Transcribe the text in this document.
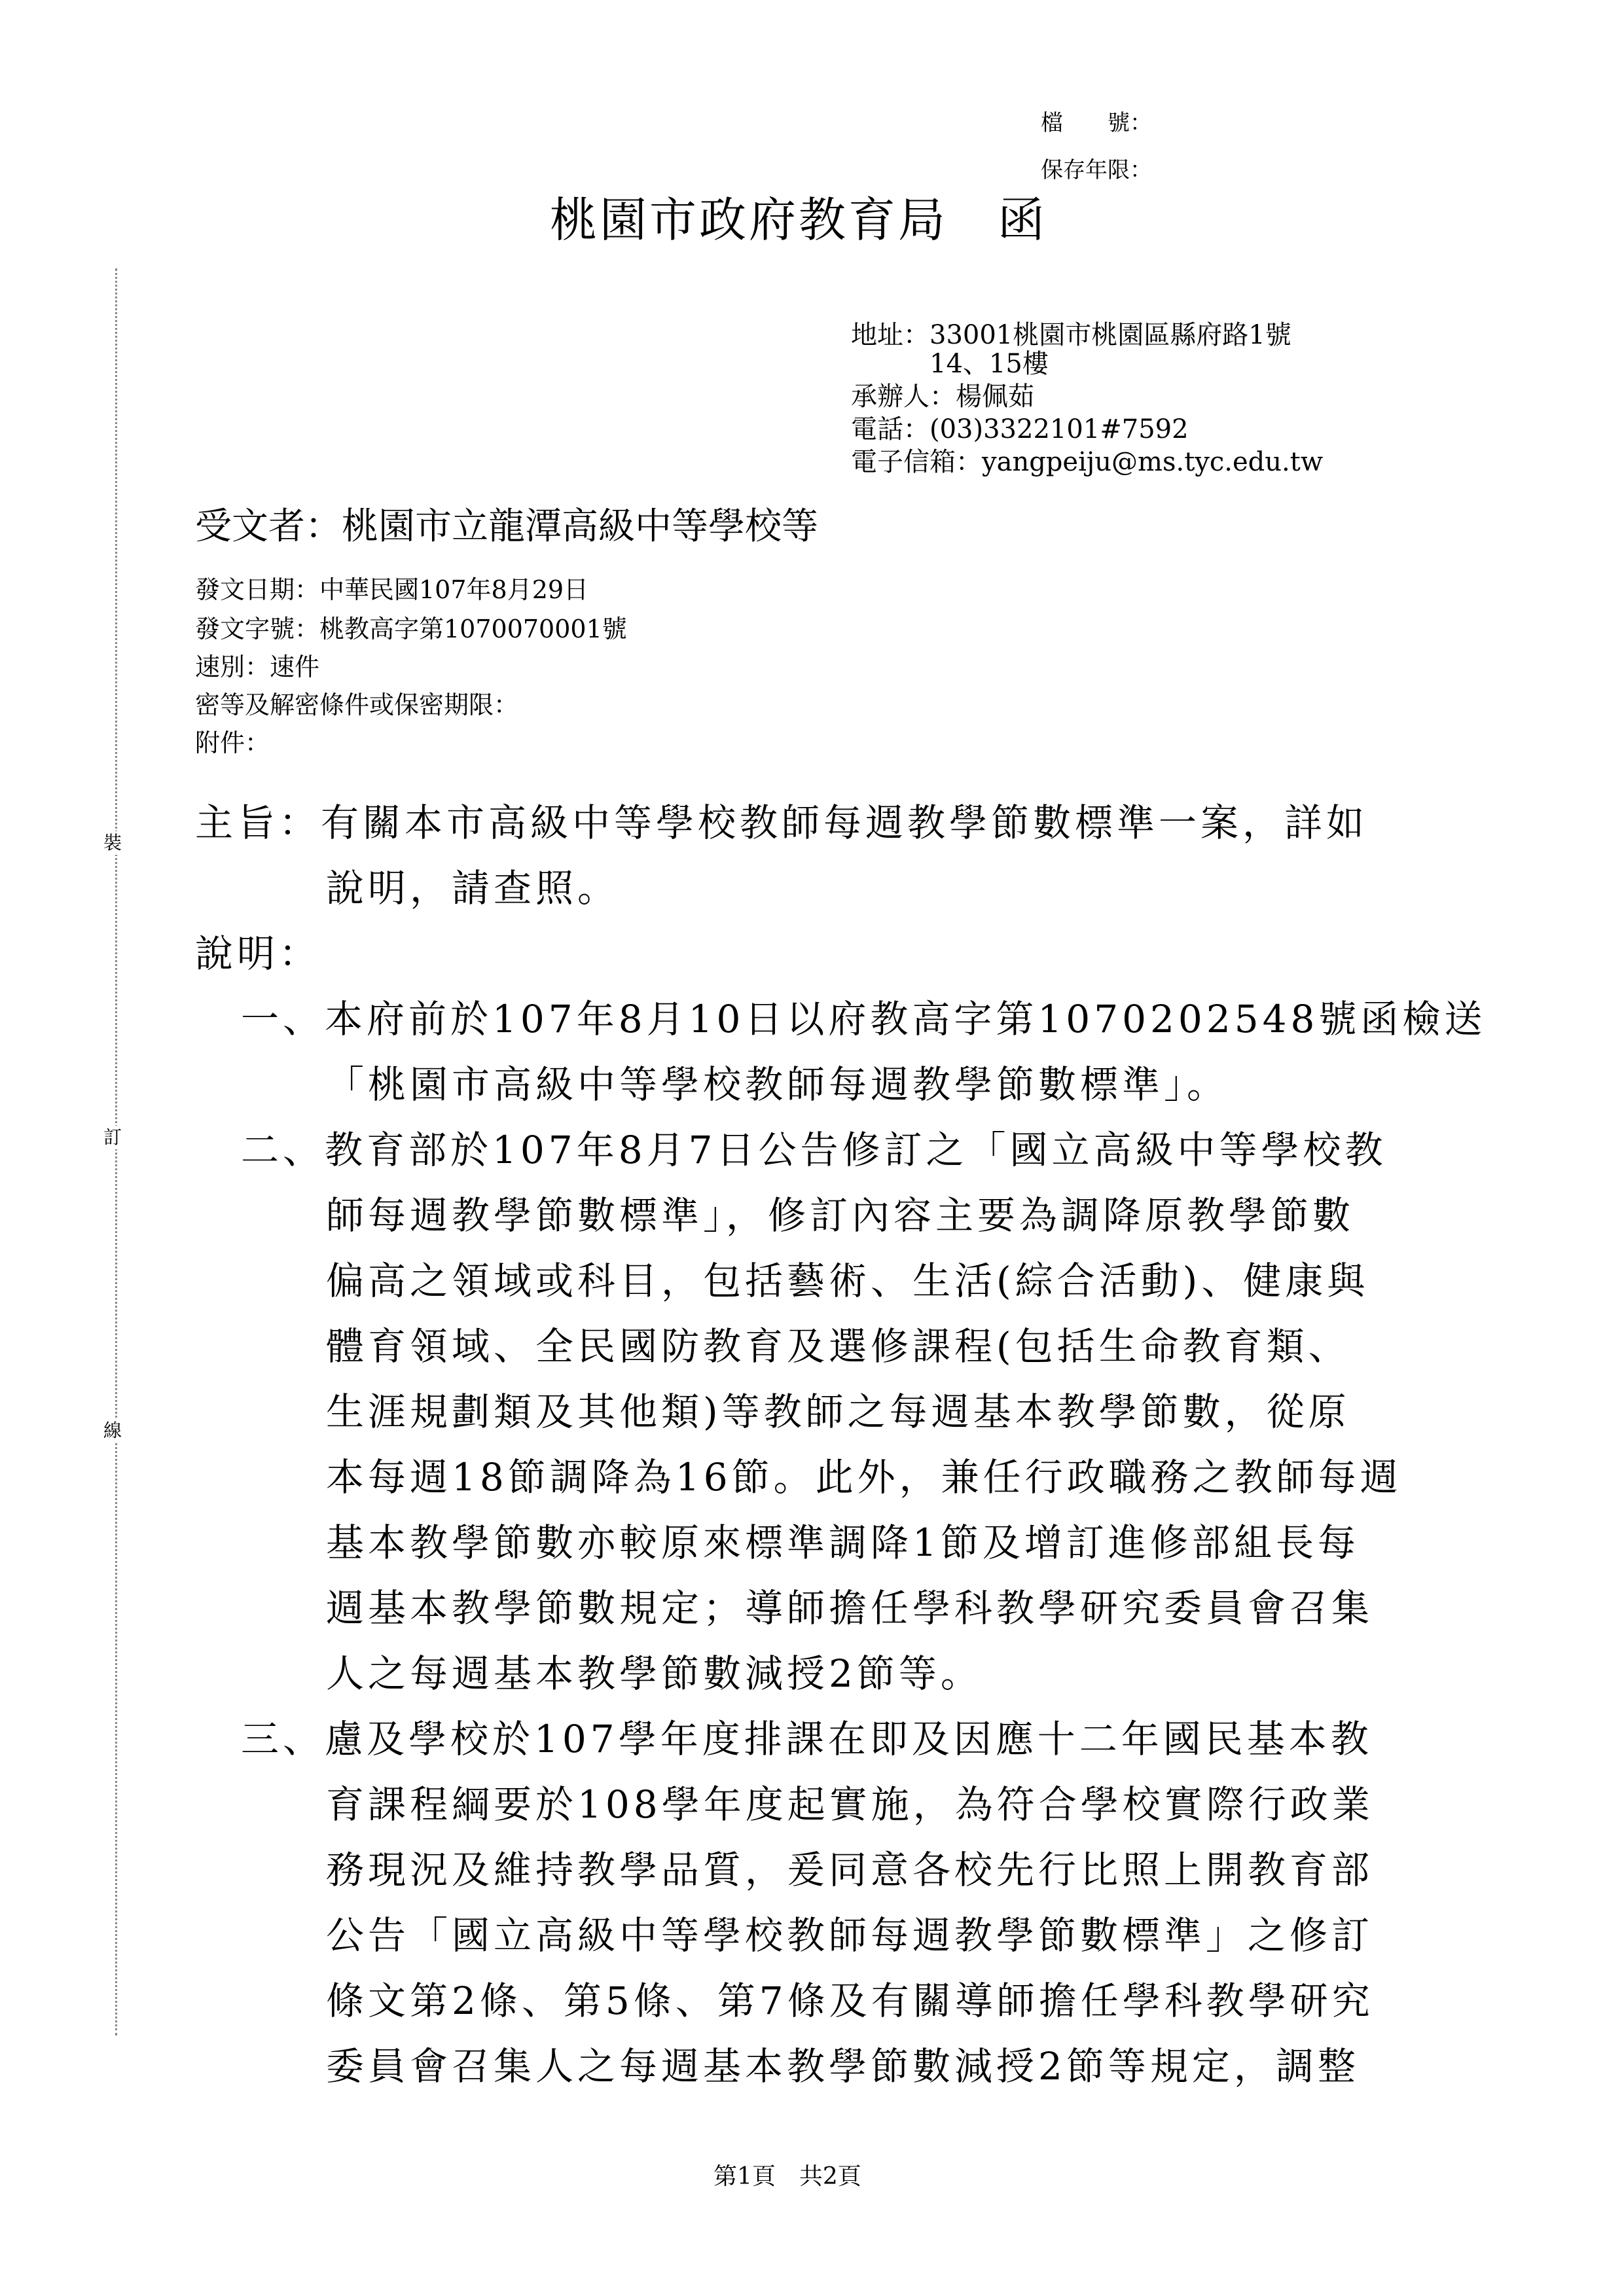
檔　　號：
保存年限：
桃園市政府教育局　函
裝
訂
線
地址：33001桃園市桃園區縣府路1號
　　　14、15樓
承辦人：楊佩茹
電話：(03)3322101#7592
電子信箱：yangpeiju@ms.tyc.edu.tw
受文者：桃園市立龍潭高級中等學校等
發文日期：中華民國107年8月29日
發文字號：桃教高字第1070070001號
速別：速件
密等及解密條件或保密期限：
附件：
主旨：有關本市高級中等學校教師每週教學節數標準一案，詳如
說明，請查照。
說明：
一、本府前於107年8月10日以府教高字第1070202548號函檢送
「桃園市高級中等學校教師每週教學節數標準」。
二、教育部於107年8月7日公告修訂之「國立高級中等學校教
師每週教學節數標準」，修訂內容主要為調降原教學節數
偏高之領域或科目，包括藝術、生活(綜合活動)、健康與
體育領域、全民國防教育及選修課程(包括生命教育類、
生涯規劃類及其他類)等教師之每週基本教學節數，從原
本每週18節調降為16節。此外，兼任行政職務之教師每週
基本教學節數亦較原來標準調降1節及增訂進修部組長每
週基本教學節數規定；導師擔任學科教學研究委員會召集
人之每週基本教學節數減授2節等。
三、慮及學校於107學年度排課在即及因應十二年國民基本教
育課程綱要於108學年度起實施，為符合學校實際行政業
務現況及維持教學品質，爰同意各校先行比照上開教育部
公告「國立高級中等學校教師每週教學節數標準」之修訂
條文第2條、第5條、第7條及有關導師擔任學科教學研究
委員會召集人之每週基本教學節數減授2節等規定，調整
第1頁　共2頁
